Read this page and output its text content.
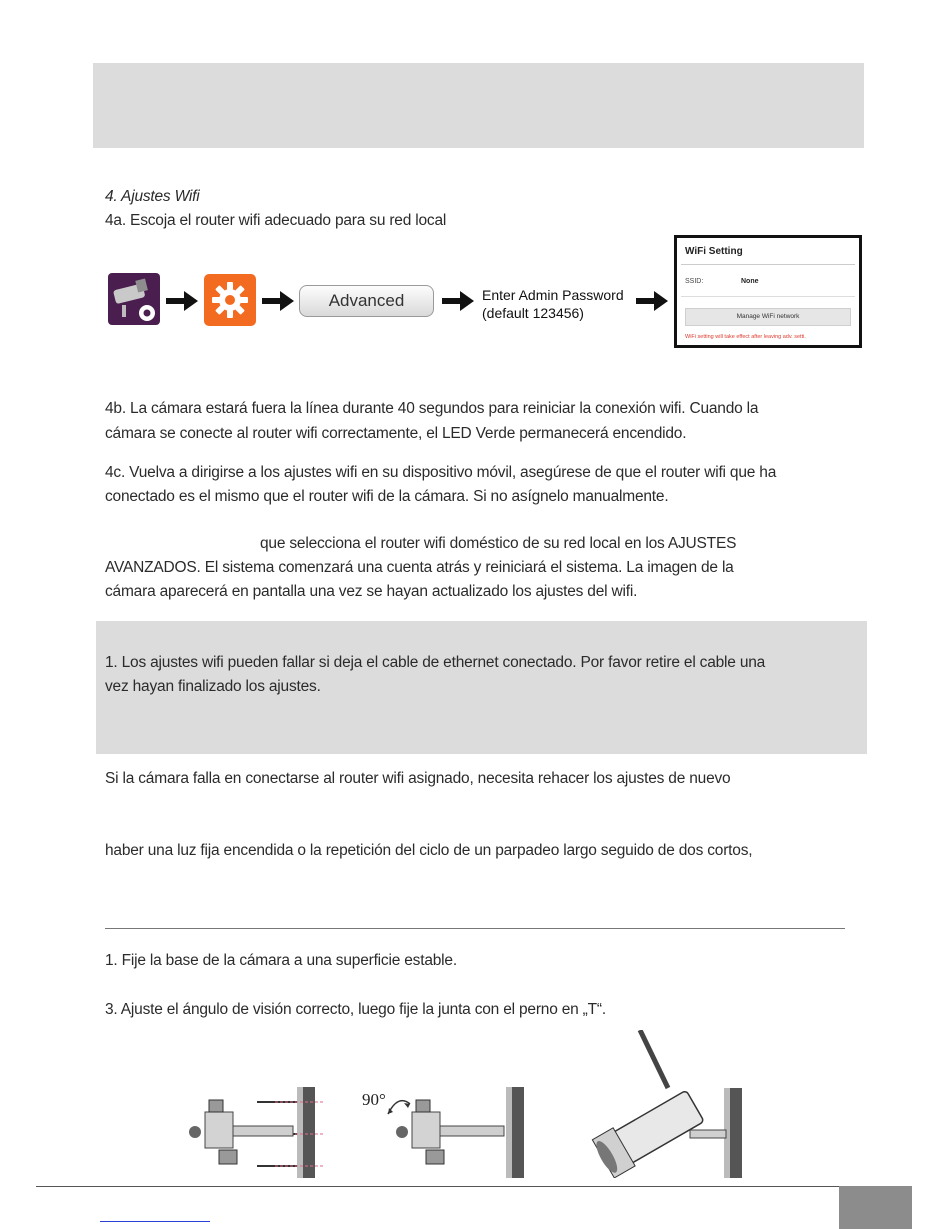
4. Ajustes Wifi
4a. Escoja el router wifi adecuado para su red local
Advanced	Enter Admin Password
(default 123456)
WiFi Setting
SSID:	None
Manage WiFi network
WiFi setting will take effect after leaving adv. setti.
4b. La cámara estará fuera la línea durante 40 segundos para reiniciar la conexión wifi. Cuando la
cámara se conecte al router wifi correctamente, el LED Verde permanecerá encendido.
4c. Vuelva a dirigirse a los ajustes wifi en su dispositivo móvil, asegúrese de que el router wifi que ha
conectado es el mismo que el router wifi de la cámara. Si no asígnelo manualmente.
que selecciona el router wifi doméstico de su red local en los AJUSTES
AVANZADOS. El sistema comenzará una cuenta atrás y reiniciará el sistema. La imagen de la
cámara aparecerá en pantalla una vez se hayan actualizado los ajustes del wifi.
1. Los ajustes wifi pueden fallar si deja el cable de ethernet conectado. Por favor retire el cable una
vez hayan finalizado los ajustes.
Si la cámara falla en conectarse al router wifi asignado, necesita rehacer los ajustes de nuevo
haber una luz fija encendida o la repetición del ciclo de un parpadeo largo seguido de dos cortos,
1. Fije la base de la cámara a una superficie estable.
3. Ajuste el ángulo de visión correcto, luego fije la junta con el perno en „T“.
90°
